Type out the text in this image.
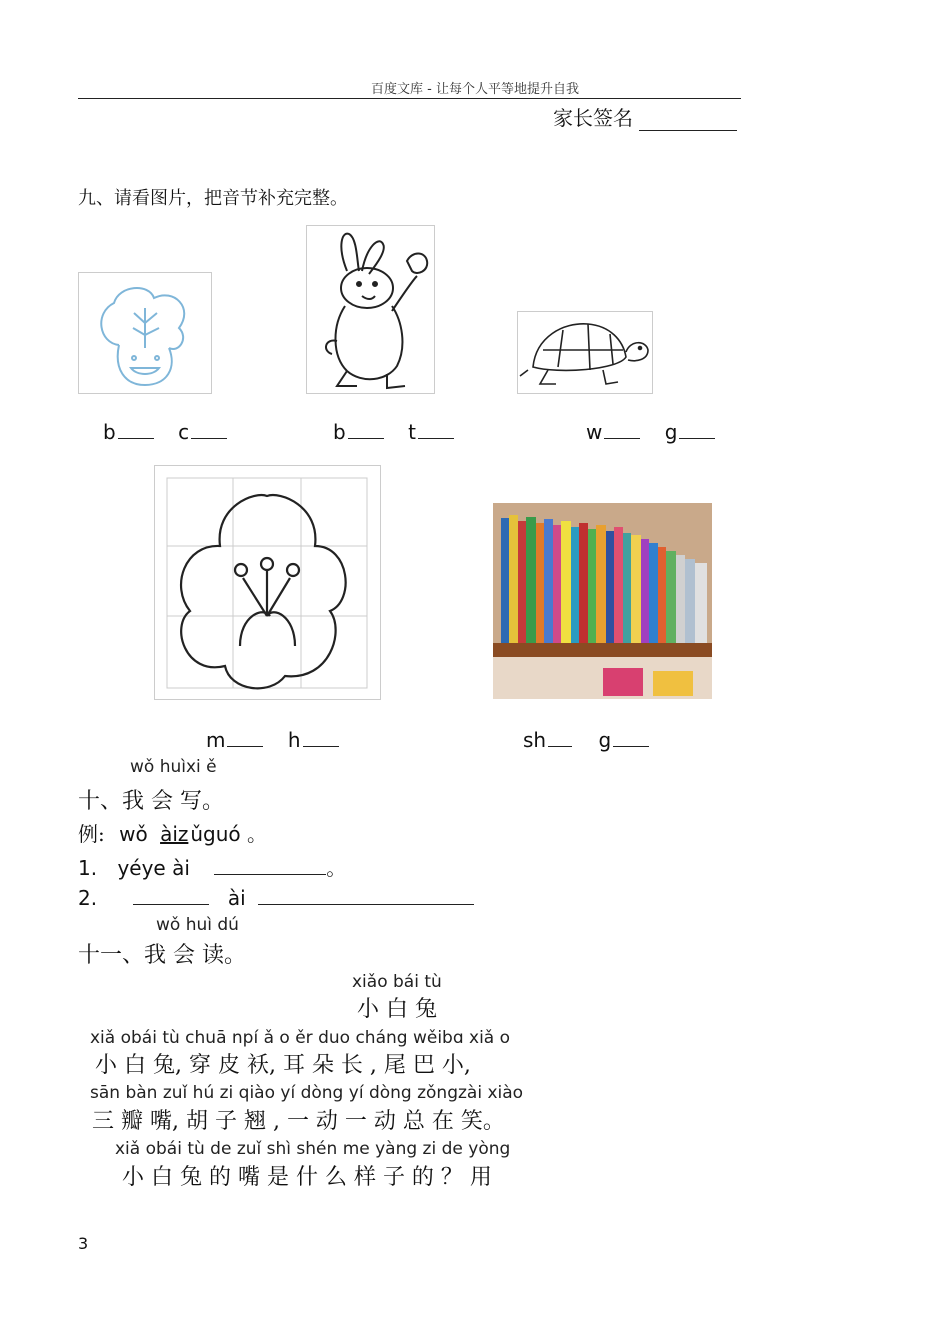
百度文库 - 让每个人平等地提升自我
家长签名
九、请看图片，把音节补充完整。
b	c	b	t	w	g
m	h	sh	g
wǒ huìxi ě
十、我 会 写。
例: wǒ àiz ǔguó 。
1. yéye ài	。
2.	ài
wǒ huì dú
十一、我 会 读。
xiǎo bái tù
小 白 兔
xiǎ obái tù chuā npí ǎ o ěr duo cháng wěibɑ xiǎ o
小 白 兔, 穿 皮 袄, 耳 朵 长 , 尾 巴 小,
sān bàn zuǐ hú zi qiào yí dòng yí dòng zǒngzài xiào
三 瓣 嘴, 胡 子 翘 , 一 动 一 动 总 在 笑。
xiǎ obái tù de zuǐ shì shén me yàng zi de yòng
小 白 兔 的 嘴 是 什 么 样 子 的 ？ 用
3
